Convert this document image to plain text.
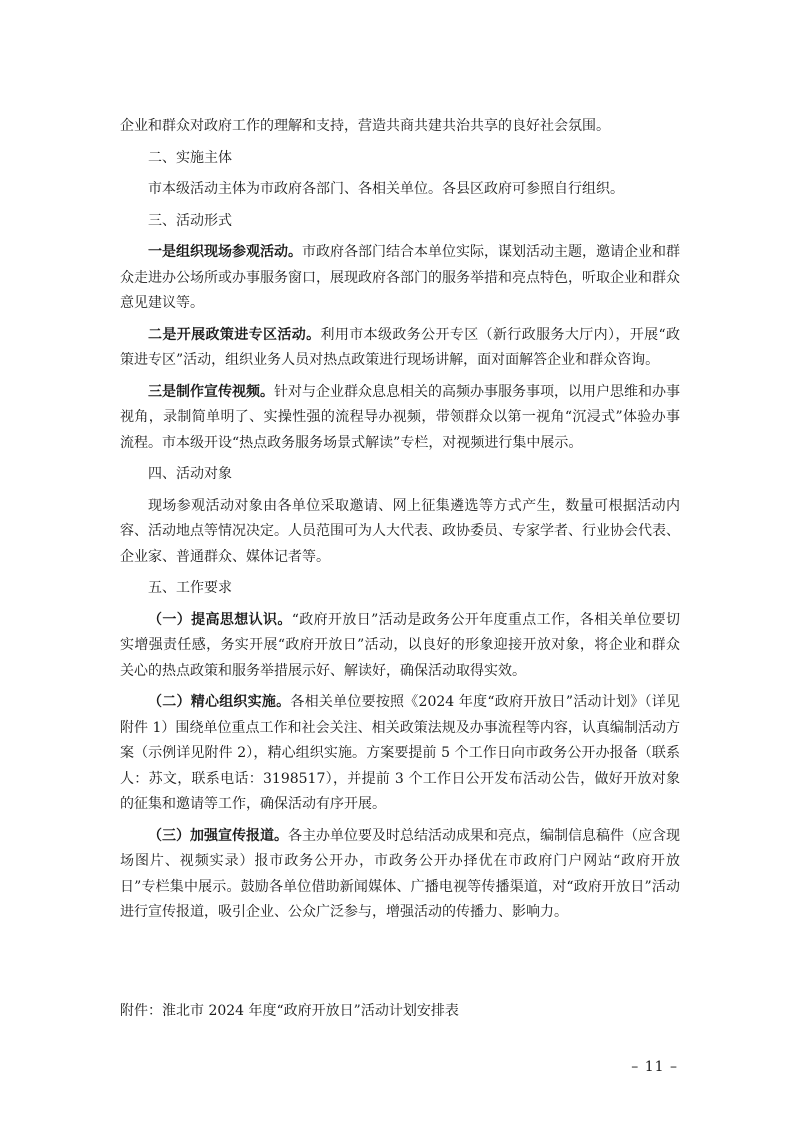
企业和群众对政府工作的理解和支持，营造共商共建共治共享的良好社会氛围。

二、实施主体

市本级活动主体为市政府各部门、各相关单位。各县区政府可参照自行组织。

三、活动形式

一是组织现场参观活动。市政府各部门结合本单位实际，谋划活动主题，邀请企业和群众走进办公场所或办事服务窗口，展现政府各部门的服务举措和亮点特色，听取企业和群众意见建议等。

二是开展政策进专区活动。利用市本级政务公开专区（新行政服务大厅内），开展“政策进专区”活动，组织业务人员对热点政策进行现场讲解，面对面解答企业和群众咨询。

三是制作宣传视频。针对与企业群众息息相关的高频办事服务事项，以用户思维和办事视角，录制简单明了、实操性强的流程导办视频，带领群众以第一视角“沉浸式”体验办事流程。市本级开设“热点政务服务场景式解读”专栏，对视频进行集中展示。

四、活动对象

现场参观活动对象由各单位采取邀请、网上征集遴选等方式产生，数量可根据活动内容、活动地点等情况决定。人员范围可为人大代表、政协委员、专家学者、行业协会代表、企业家、普通群众、媒体记者等。

五、工作要求

（一）提高思想认识。“政府开放日”活动是政务公开年度重点工作，各相关单位要切实增强责任感，务实开展“政府开放日”活动，以良好的形象迎接开放对象，将企业和群众关心的热点政策和服务举措展示好、解读好，确保活动取得实效。

（二）精心组织实施。各相关单位要按照《2024 年度“政府开放日”活动计划》（详见附件 1）围绕单位重点工作和社会关注、相关政策法规及办事流程等内容，认真编制活动方案（示例详见附件 2），精心组织实施。方案要提前 5 个工作日向市政务公开办报备（联系人：苏文，联系电话：3198517），并提前 3 个工作日公开发布活动公告，做好开放对象的征集和邀请等工作，确保活动有序开展。

（三）加强宣传报道。各主办单位要及时总结活动成果和亮点，编制信息稿件（应含现场图片、视频实录）报市政务公开办，市政务公开办择优在市政府门户网站“政府开放日”专栏集中展示。鼓励各单位借助新闻媒体、广播电视等传播渠道，对“政府开放日”活动进行宣传报道，吸引企业、公众广泛参与，增强活动的传播力、影响力。

附件：淮北市 2024 年度“政府开放日”活动计划安排表
– 11 –
